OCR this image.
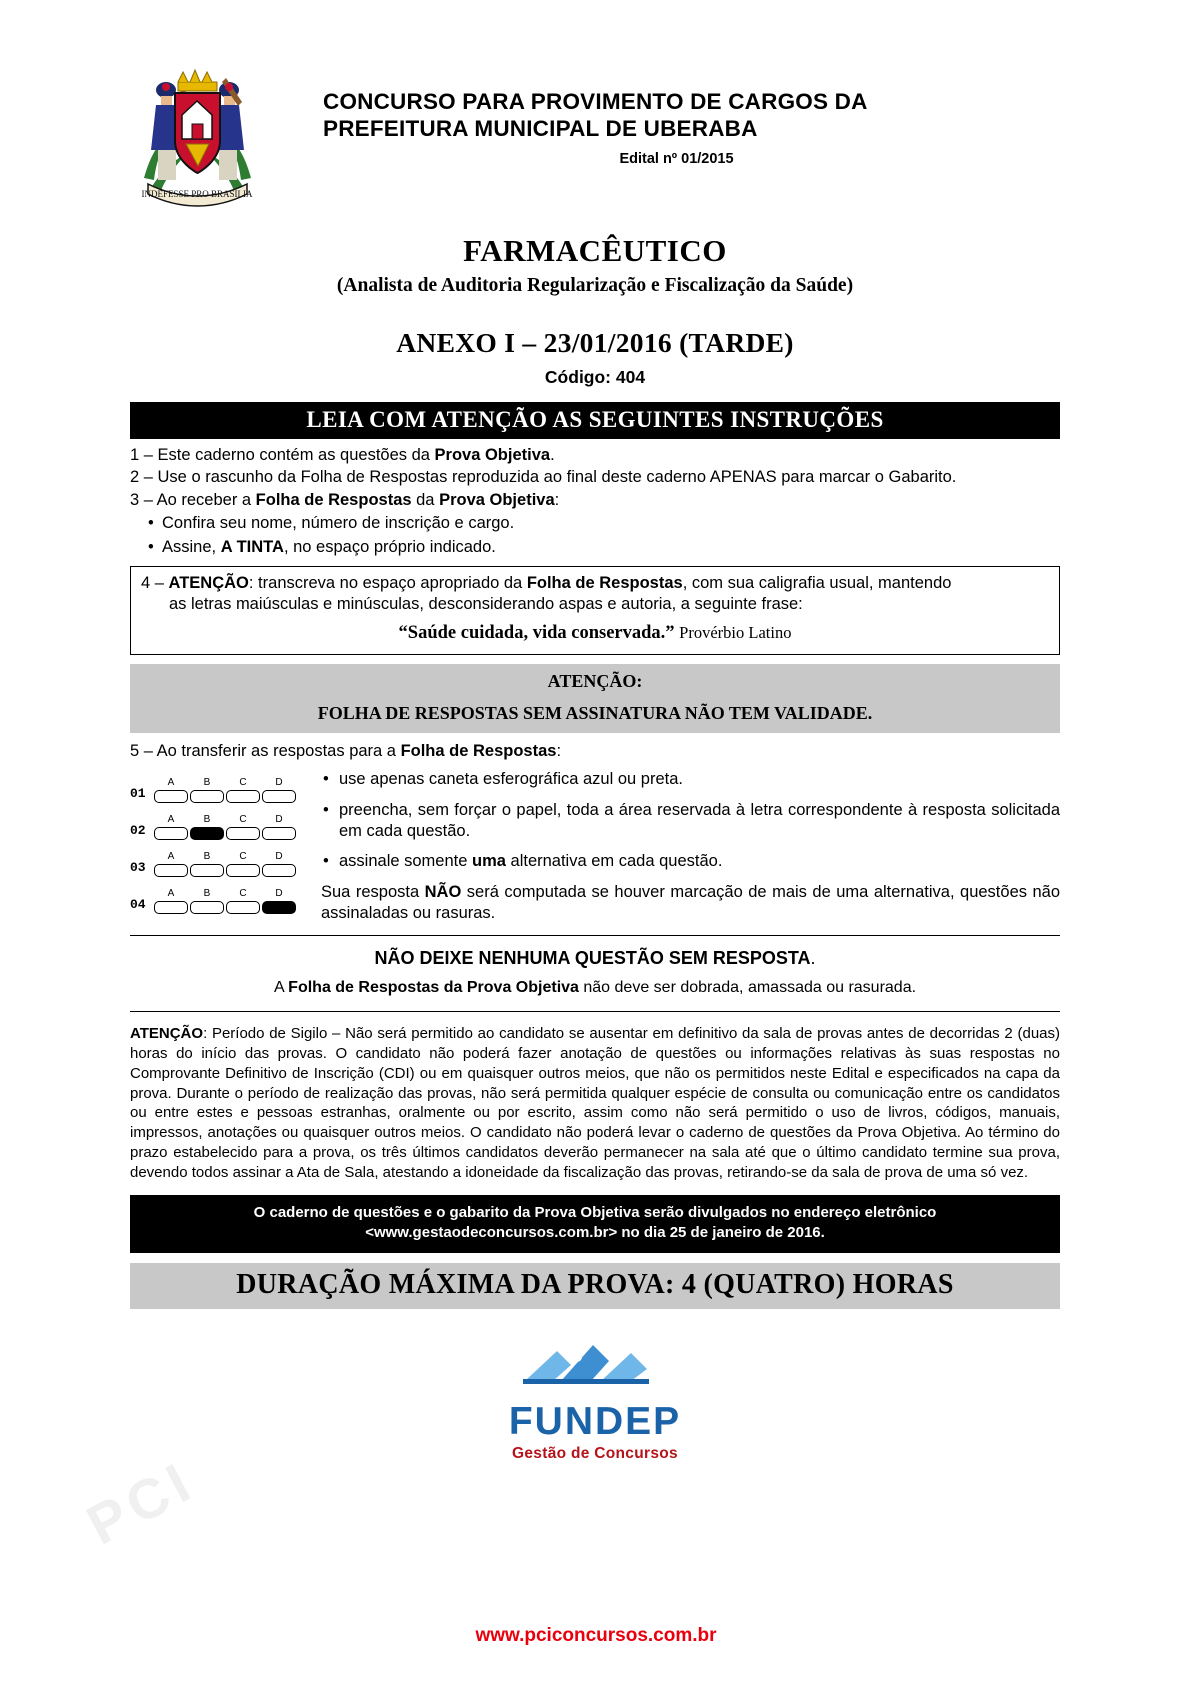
PCI
INDEFESSE PRO BRASILIA
CONCURSO PARA PROVIMENTO DE CARGOS DA
PREFEITURA MUNICIPAL DE UBERABA
Edital nº 01/2015
FARMACÊUTICO
(Analista de Auditoria Regularização e Fiscalização da Saúde)
ANEXO I – 23/01/2016 (TARDE)
Código: 404
LEIA COM ATENÇÃO AS SEGUINTES INSTRUÇÕES

1 – Este caderno contém as questões da Prova Objetiva.

2 – Use o rascunho da Folha de Respostas reproduzida ao final deste caderno APENAS para marcar o Gabarito.

3 – Ao receber a Folha de Respostas da Prova Objetiva:

• Confira seu nome, número de inscrição e cargo.
• Assine, A TINTA, no espaço próprio indicado.
4 – ATENÇÃO: transcreva no espaço apropriado da Folha de Respostas, com sua caligrafia usual, mantendo
as letras maiúsculas e minúsculas, desconsiderando aspas e autoria, a seguinte frase:
“Saúde cuidada, vida conservada.” Provérbio Latino
ATENÇÃO:
FOLHA DE RESPOSTAS SEM ASSINATURA NÃO TEM VALIDADE.
5 – Ao transferir as respostas para a Folha de Respostas:
01
A	B	C	D
02
A	B	C	D
03
A	B	C	D
04
A	B	C	D
• use apenas caneta esferográfica azul ou preta.
• preencha, sem forçar o papel, toda a área reservada à letra correspondente à resposta solicitada em cada questão.
• assinale somente uma alternativa em cada questão.
Sua resposta NÃO será computada se houver marcação de mais de uma alternativa, questões não assinaladas ou rasuras.
NÃO DEIXE NENHUMA QUESTÃO SEM RESPOSTA.
A Folha de Respostas da Prova Objetiva não deve ser dobrada, amassada ou rasurada.
ATENÇÃO: Período de Sigilo – Não será permitido ao candidato se ausentar em definitivo da sala de provas antes de decorridas 2 (duas) horas do início das provas. O candidato não poderá fazer anotação de questões ou informações relativas às suas respostas no Comprovante Definitivo de Inscrição (CDI) ou em quaisquer outros meios, que não os permitidos neste Edital e especificados na capa da prova. Durante o período de realização das provas, não será permitida qualquer espécie de consulta ou comunicação entre os candidatos ou entre estes e pessoas estranhas, oralmente ou por escrito, assim como não será permitido o uso de livros, códigos, manuais, impressos, anotações ou quaisquer outros meios. O candidato não poderá levar o caderno de questões da Prova Objetiva. Ao término do prazo estabelecido para a prova, os três últimos candidatos deverão permanecer na sala até que o último candidato termine sua prova, devendo todos assinar a Ata de Sala, atestando a idoneidade da fiscalização das provas, retirando-se da sala de prova de uma só vez.
O caderno de questões e o gabarito da Prova Objetiva serão divulgados no endereço eletrônico
<www.gestaodeconcursos.com.br> no dia 25 de janeiro de 2016.
DURAÇÃO MÁXIMA DA PROVA: 4 (QUATRO) HORAS
FUNDEP
Gestão de Concursos
www.pciconcursos.com.br
